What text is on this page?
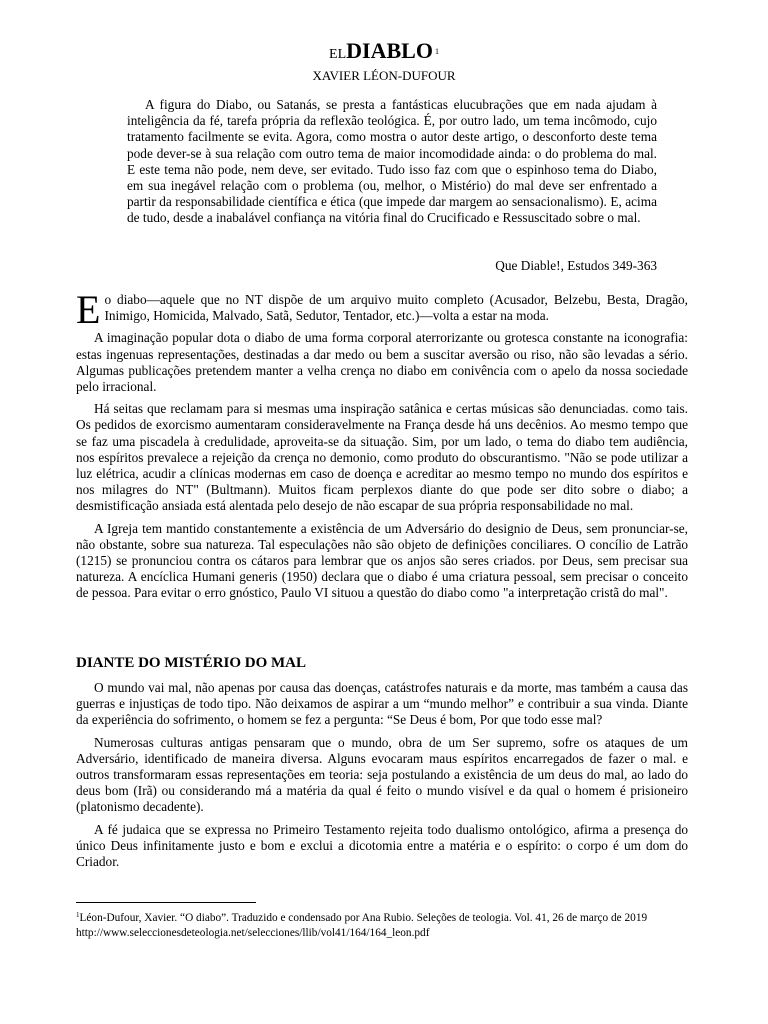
ELDIABLO $^1$
XAVIER LÉON-DUFOUR

A figura do Diabo, ou Satanás, se presta a fantásticas elucubrações que em nada ajudam à inteligência da fé, tarefa própria da reflexão teológica. É, por outro lado, um tema incômodo, cujo tratamento facilmente se evita. Agora, como mostra o autor deste artigo, o desconforto deste tema pode dever-se à sua relação com outro tema de maior incomodidade ainda: o do problema do mal. E este tema não pode, nem deve, ser evitado. Tudo isso faz com que o espinhoso tema do Diabo, em sua inegável relação com o problema (ou, melhor, o Mistério) do mal deve ser enfrentado a partir da responsabilidade científica e ética (que impede dar margem ao sensacionalismo). E, acima de tudo, desde a inabalável confiança na vitória final do Crucificado e Ressuscitado sobre o mal.

Que Diable!, Estudos 349-363

Eo diabo—aquele que no NT dispõe de um arquivo muito completo (Acusador, Belzebu, Besta, Dragão, Inimigo, Homicida, Malvado, Satã, Sedutor, Tentador, etc.)—volta a estar na moda.

A imaginação popular dota o diabo de uma forma corporal aterrorizante ou grotesca constante na iconografia: estas ingenuas representações, destinadas a dar medo ou bem a suscitar aversão ou riso, não são levadas a sério. Algumas publicações pretendem manter a velha crença no diabo em conivência com o apelo da nossa sociedade pelo irracional.

Há seitas que reclamam para si mesmas uma inspiração satânica e certas músicas são denunciadas. como tais. Os pedidos de exorcismo aumentaram consideravelmente na França desde há uns decênios. Ao mesmo tempo que se faz uma piscadela à credulidade, aproveita-se da situação. Sim, por um lado, o tema do diabo tem audiência, nos espíritos prevalece a rejeição da crença no demonio, como produto do obscurantismo. "Não se pode utilizar a luz elétrica, acudir a clínicas modernas em caso de doença e acreditar ao mesmo tempo no mundo dos espíritos e nos milagres do NT" (Bultmann). Muitos ficam perplexos diante do que pode ser dito sobre o diabo; a desmistificação ansiada está alentada pelo desejo de não escapar de sua própria responsabilidade no mal.

A Igreja tem mantido constantemente a existência de um Adversário do designio de Deus, sem pronunciar-se, não obstante, sobre sua natureza. Tal especulações não são objeto de definições conciliares. O concílio de Latrão (1215) se pronunciou contra os cátaros para lembrar que os anjos são seres criados. por Deus, sem precisar sua natureza. A encíclica Humani generis (1950) declara que o diabo é uma criatura pessoal, sem precisar o conceito de pessoa. Para evitar o erro gnóstico, Paulo VI situou a questão do diabo como "a interpretação cristã do mal".

DIANTE DO MISTÉRIO DO MAL

O mundo vai mal, não apenas por causa das doenças, catástrofes naturais e da morte, mas também a causa das guerras e injustiças de todo tipo. Não deixamos de aspirar a um “mundo melhor” e contribuir a sua vinda. Diante da experiência do sofrimento, o homem se fez a pergunta: “Se Deus é bom, Por que todo esse mal?

Numerosas culturas antigas pensaram que o mundo, obra de um Ser supremo, sofre os ataques de um Adversário, identificado de maneira diversa. Alguns evocaram maus espíritos encarregados de fazer o mal. e outros transformaram essas representações em teoria: seja postulando a existência de um deus do mal, ao lado do deus bom (Irã) ou considerando má a matéria da qual é feito o mundo visível e da qual o homem é prisioneiro (platonismo decadente).

A fé judaica que se expressa no Primeiro Testamento rejeita todo dualismo ontológico, afirma a presença do único Deus infinitamente justo e bom e exclui a dicotomia entre a matéria e o espírito: o corpo é um dom do Criador.

$^1$Léon-Dufour, Xavier. “O diabo”. Traduzido e condensado por Ana Rubio. Seleções de teologia. Vol. 41, 26 de março de 2019
http://www.seleccionesdeteologia.net/selecciones/llib/vol41/164/164_leon.pdf
